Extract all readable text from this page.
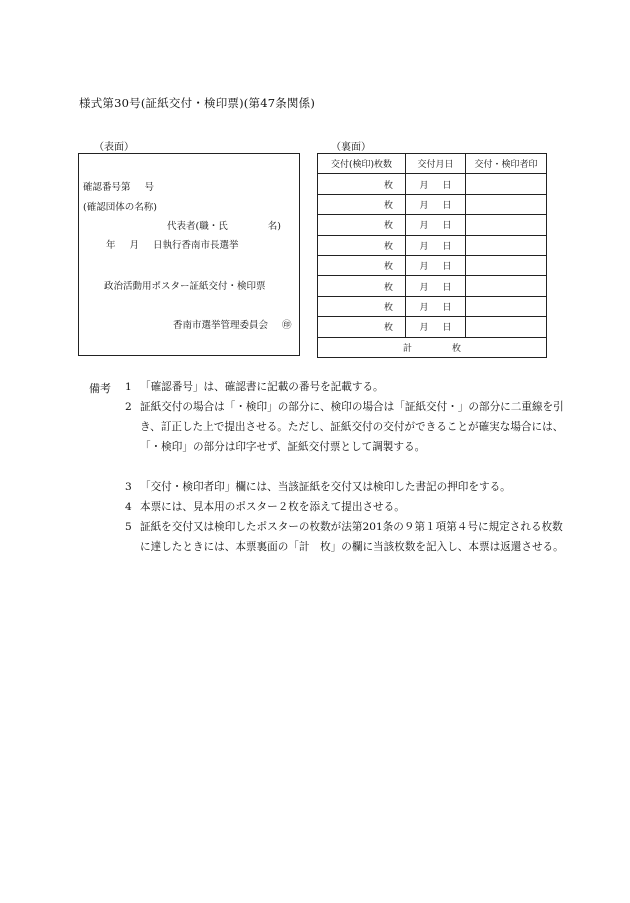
様式第30号(証紙交付・検印票)(第47条関係)
（表面）
確認番号第 号
(確認団体の名称)
代表者(職・氏	名)
年 月 日執行香南市長選挙
政治活動用ポスター証紙交付・検印票
香南市選挙管理委員会 ㊞
（裏面）
交付(検印)枚数	交付月日	交付・検印者印
枚	月 日	
枚	月 日	
枚	月 日	
枚	月 日	
枚	月 日	
枚	月 日	
枚	月 日	
枚	月 日	
計 枚		
備考 1 「確認番号」は、確認書に記載の番号を記載する。
2 証紙交付の場合は「・検印」の部分に、検印の場合は「証紙交付・」の部分に二重線を引き、訂正した上で提出させる。ただし、証紙交付の交付ができることが確実な場合には、「・検印」の部分は印字せず、証紙交付票として調製する。
3 「交付・検印者印」欄には、当該証紙を交付又は検印した書記の押印をする。
4 本票には、見本用のポスター２枚を添えて提出させる。
5 証紙を交付又は検印したポスターの枚数が法第201条の９第１項第４号に規定される枚数に達したときには、本票裏面の「計　枚」の欄に当該枚数を記入し、本票は返還させる。
